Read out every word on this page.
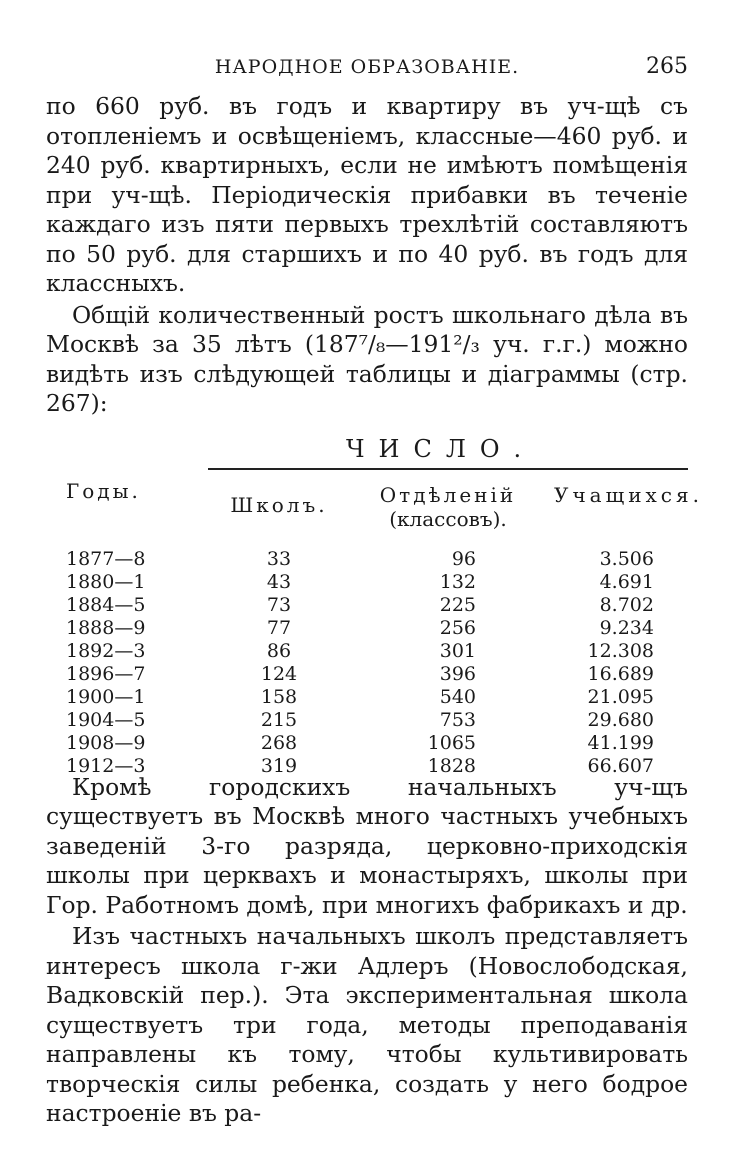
НАРОДНОЕ ОБРАЗОВАНІЕ.	265

по 660 руб. въ годъ и квартиру въ уч-щѣ съ отопленіемъ и освѣщеніемъ, классные—460 руб. и 240 руб. квартирныхъ, если не имѣютъ помѣщенія при уч-щѣ. Періодическія прибавки въ теченіе каждаго изъ пяти первыхъ трехлѣтій составляютъ по 50 руб. для старшихъ и по 40 руб. въ годъ для классныхъ.

Общій количественный ростъ школьнаго дѣла въ Москвѣ за 35 лѣтъ (187⁷/₈—191²/₃ уч. г.г.) можно видѣть изъ слѣдующей таблицы и діаграммы (стр. 267):

ЧИСЛО.
Годы.
Школъ.	Отдѣленій
(классовъ).
Учащихся.
1877—8	33	96	3.506
1880—1	43	132	4.691
1884—5	73	225	8.702
1888—9	77	256	9.234
1892—3	86	301	12.308
1896—7	124	396	16.689
1900—1	158	540	21.095
1904—5	215	753	29.680
1908—9	268	1065	41.199
1912—3	319	1828	66.607

Кромѣ городскихъ начальныхъ уч-щъ существуетъ въ Москвѣ много частныхъ учебныхъ заведеній 3-го разряда, церковно-приходскія школы при церквахъ и монастыряхъ, школы при Гор. Работномъ домѣ, при многихъ фабрикахъ и др.

Изъ частныхъ начальныхъ школъ представляетъ интересъ школа г-жи Адлеръ (Новослободская, Вадковскій пер.). Эта экспериментальная школа существуетъ три года, методы преподаванія направлены къ тому, чтобы культивировать творческія силы ребенка, создать у него бодрое настроеніе въ ра-
